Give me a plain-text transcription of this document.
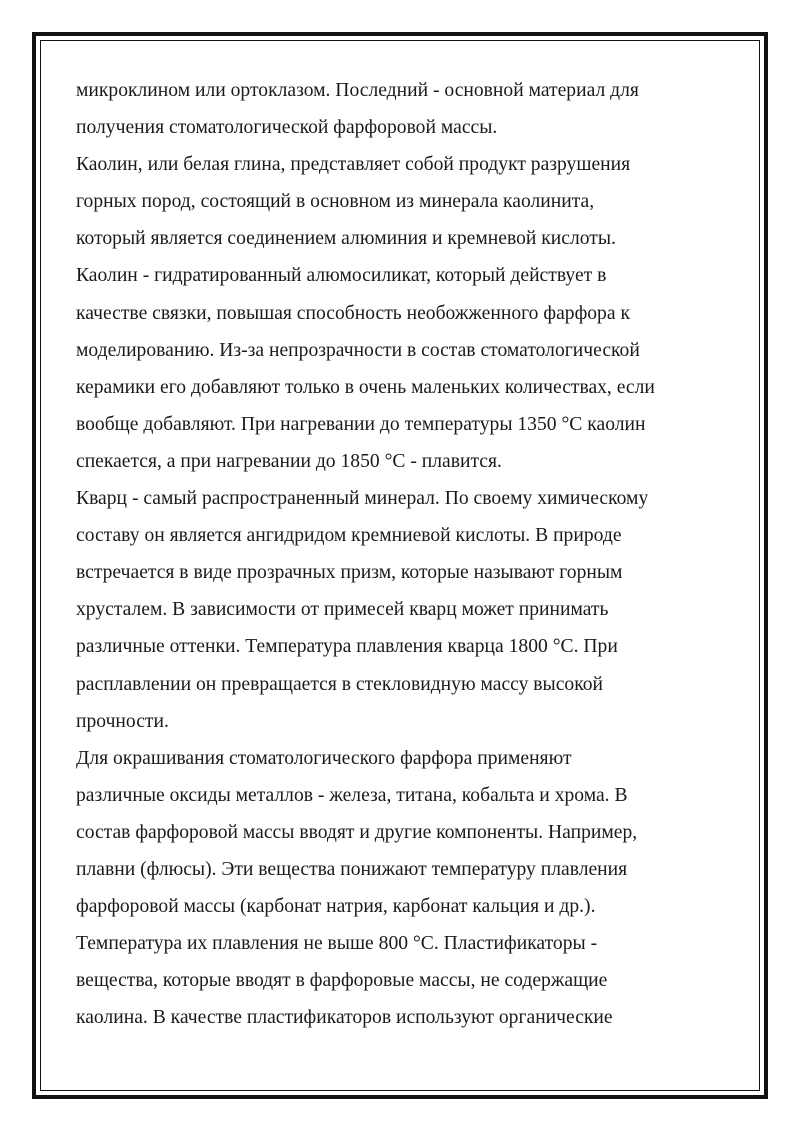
микроклином или ортоклазом. Последний - основной материал для
получения стоматологической фарфоровой массы.
Каолин, или белая глина, представляет собой продукт разрушения
горных пород, состоящий в основном из минерала каолинита,
который является соединением алюминия и кремневой кислоты.
Каолин - гидратированный алюмосиликат, который действует в
качестве связки, повышая способность необожженного фарфора к
моделированию. Из-за непрозрачности в состав стоматологической
керамики его добавляют только в очень маленьких количествах, если
вообще добавляют. При нагревании до температуры 1350 °С каолин
спекается, а при нагревании до 1850 °С - плавится.
Кварц - самый распространенный минерал. По своему химическому
составу он является ангидридом кремниевой кислоты. В природе
встречается в виде прозрачных призм, которые называют горным
хрусталем. В зависимости от примесей кварц может принимать
различные оттенки. Температура плавления кварца 1800 °С. При
расплавлении он превращается в стекловидную массу высокой
прочности.
Для окрашивания стоматологического фарфора применяют
различные оксиды металлов - железа, титана, кобальта и хрома. В
состав фарфоровой массы вводят и другие компоненты. Например,
плавни (флюсы). Эти вещества понижают температуру плавления
фарфоровой массы (карбонат натрия, карбонат кальция и др.).
Температура их плавления не выше 800 °С. Пластификаторы -
вещества, которые вводят в фарфоровые массы, не содержащие
каолина. В качестве пластификаторов используют органические
